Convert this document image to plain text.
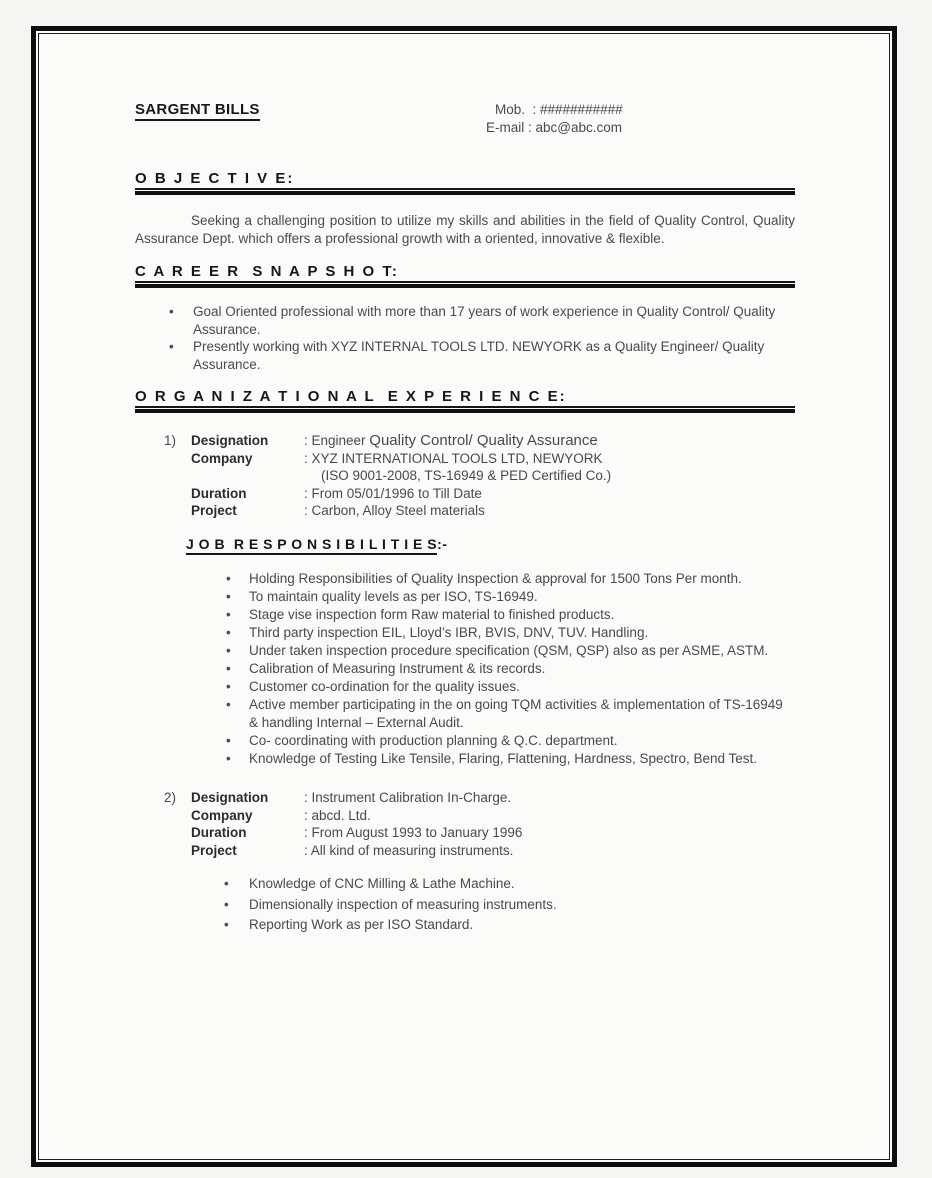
SARGENT BILLS	Mob.  : ###########
E-mail : abc@abc.com
O B J E C T I V E:

Seeking a challenging position to utilize my skills and abilities in the field of Quality Control, Quality Assurance Dept. which offers a professional growth with a oriented, innovative & flexible.

C A R E E R  S N A P S H O T:
• Goal Oriented professional with more than 17 years of work experience in Quality Control/ Quality Assurance.
• Presently working with XYZ INTERNAL TOOLS LTD. NEWYORK as a Quality Engineer/ Quality Assurance.
O R G A N I Z A T I O N A L  E X P E R I E N C E:
1)	Designation	: Engineer Quality Control/ Quality Assurance
Company	: XYZ INTERNATIONAL TOOLS LTD, NEWYORK
(ISO 9001-2008, TS-16949 & PED Certified Co.)
Duration	: From 05/01/1996 to Till Date
Project	: Carbon, Alloy Steel materials
J O B  R E S P O N S I B I L I T I E S:-
• Holding Responsibilities of Quality Inspection & approval for 1500 Tons Per month.
• To maintain quality levels as per ISO, TS-16949.
• Stage vise inspection form Raw material to finished products.
• Third party inspection EIL, Lloyd’s IBR, BVIS, DNV, TUV. Handling.
• Under taken inspection procedure specification (QSM, QSP) also as per ASME, ASTM.
• Calibration of Measuring Instrument & its records.
• Customer co-ordination for the quality issues.
• Active member participating in the on going TQM activities & implementation of TS-16949 & handling Internal – External Audit.
• Co- coordinating with production planning & Q.C. department.
• Knowledge of Testing Like Tensile, Flaring, Flattening, Hardness, Spectro, Bend Test.
2)	Designation	: Instrument Calibration In-Charge.
Company	: abcd. Ltd.
Duration	: From August 1993 to January 1996
Project	: All kind of measuring instruments.
• Knowledge of CNC Milling & Lathe Machine.
• Dimensionally inspection of measuring instruments.
• Reporting Work as per ISO Standard.
